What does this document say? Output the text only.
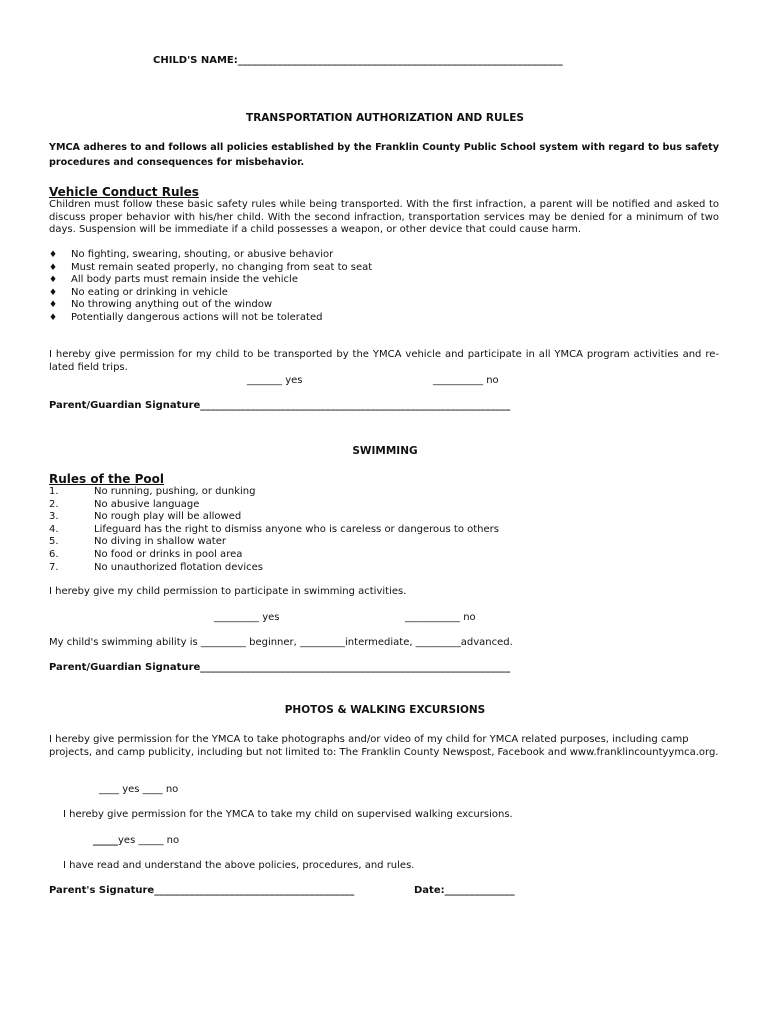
CHILD'S NAME:_________________________________________________________________
TRANSPORTATION AUTHORIZATION AND RULES
YMCA adheres to and follows all policies established by the Franklin County Public School system with regard to bus safety procedures and consequences for misbehavior.
Vehicle Conduct Rules
Children must follow these basic safety rules while being transported. With the first infraction, a parent will be notified and asked to discuss proper behavior with his/her child. With the second infraction, transportation services may be denied for a minimum of two days. Suspension will be immediate if a child possesses a weapon, or other device that could cause harm.
♦ No fighting, swearing, shouting, or abusive behavior
♦ Must remain seated properly, no changing from seat to seat
♦ All body parts must remain inside the vehicle
♦ No eating or drinking in vehicle
♦ No throwing anything out of the window
♦ Potentially dangerous actions will not be tolerated
I hereby give permission for my child to be transported by the YMCA vehicle and participate in all YMCA program activities and re-lated field trips.
_______ yes	__________ no
Parent/Guardian Signature______________________________________________________________
SWIMMING
Rules of the Pool
1.	No running, pushing, or dunking
2.	No abusive language
3.	No rough play will be allowed
4.	Lifeguard has the right to dismiss anyone who is careless or dangerous to others
5.	No diving in shallow water
6.	No food or drinks in pool area
7.	No unauthorized flotation devices
I hereby give my child permission to participate in swimming activities.
_________ yes	___________ no
My child's swimming ability is _________ beginner, _________intermediate, _________advanced.
Parent/Guardian Signature______________________________________________________________
PHOTOS & WALKING EXCURSIONS
I hereby give permission for the YMCA to take photographs and/or video of my child for YMCA related purposes, including camp projects, and camp publicity, including but not limited to: The Franklin County Newspost, Facebook and www.franklincountyymca.org.
____ yes ____ no
I hereby give permission for the YMCA to take my child on supervised walking excursions.
_____yes _____ no
I have read and understand the above policies, procedures, and rules.
Parent's Signature________________________________________	Date:______________
